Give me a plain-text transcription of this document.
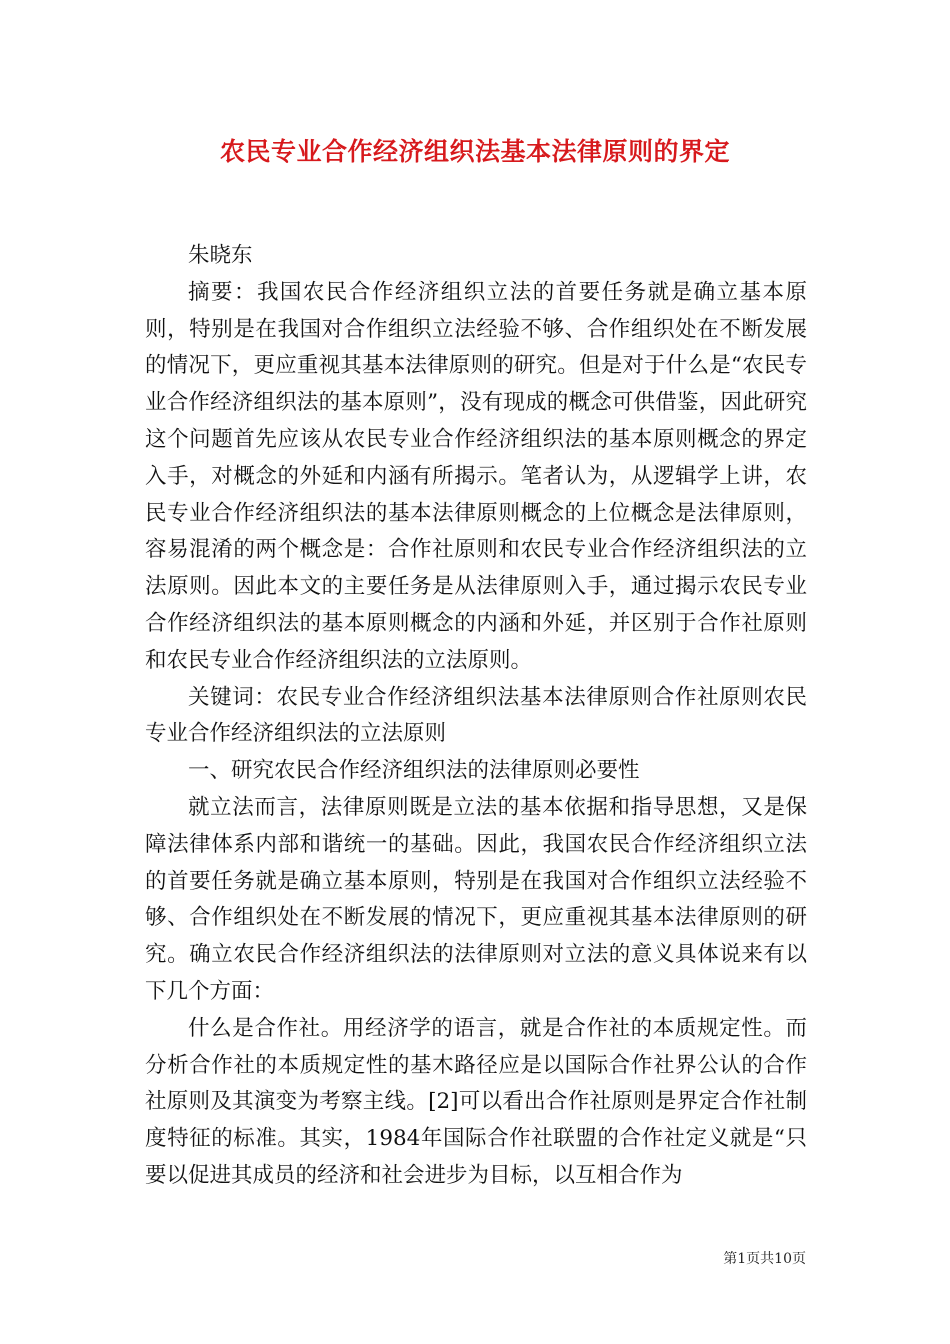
农民专业合作经济组织法基本法律原则的界定

朱晓东

摘要：我国农民合作经济组织立法的首要任务就是确立基本原则，特别是在我国对合作组织立法经验不够、合作组织处在不断发展的情况下，更应重视其基本法律原则的研究。但是对于什么是“农民专业合作经济组织法的基本原则”，没有现成的概念可供借鉴，因此研究这个问题首先应该从农民专业合作经济组织法的基本原则概念的界定入手，对概念的外延和内涵有所揭示。笔者认为，从逻辑学上讲，农民专业合作经济组织法的基本法律原则概念的上位概念是法律原则，容易混淆的两个概念是：合作社原则和农民专业合作经济组织法的立法原则。因此本文的主要任务是从法律原则入手，通过揭示农民专业合作经济组织法的基本原则概念的内涵和外延，并区别于合作社原则和农民专业合作经济组织法的立法原则。

关键词：农民专业合作经济组织法基本法律原则合作社原则农民专业合作经济组织法的立法原则

一、研究农民合作经济组织法的法律原则必要性

就立法而言，法律原则既是立法的基本依据和指导思想，又是保障法律体系内部和谐统一的基础。因此，我国农民合作经济组织立法的首要任务就是确立基本原则，特别是在我国对合作组织立法经验不够、合作组织处在不断发展的情况下，更应重视其基本法律原则的研究。确立农民合作经济组织法的法律原则对立法的意义具体说来有以下几个方面：

什么是合作社。用经济学的语言，就是合作社的本质规定性。而分析合作社的本质规定性的基木路径应是以国际合作社界公认的合作社原则及其演变为考察主线。[2]可以看出合作社原则是界定合作社制度特征的标准。其实，1984年国际合作社联盟的合作社定义就是“只要以促进其成员的经济和社会进步为目标，以互相合作为

第1页共10页
